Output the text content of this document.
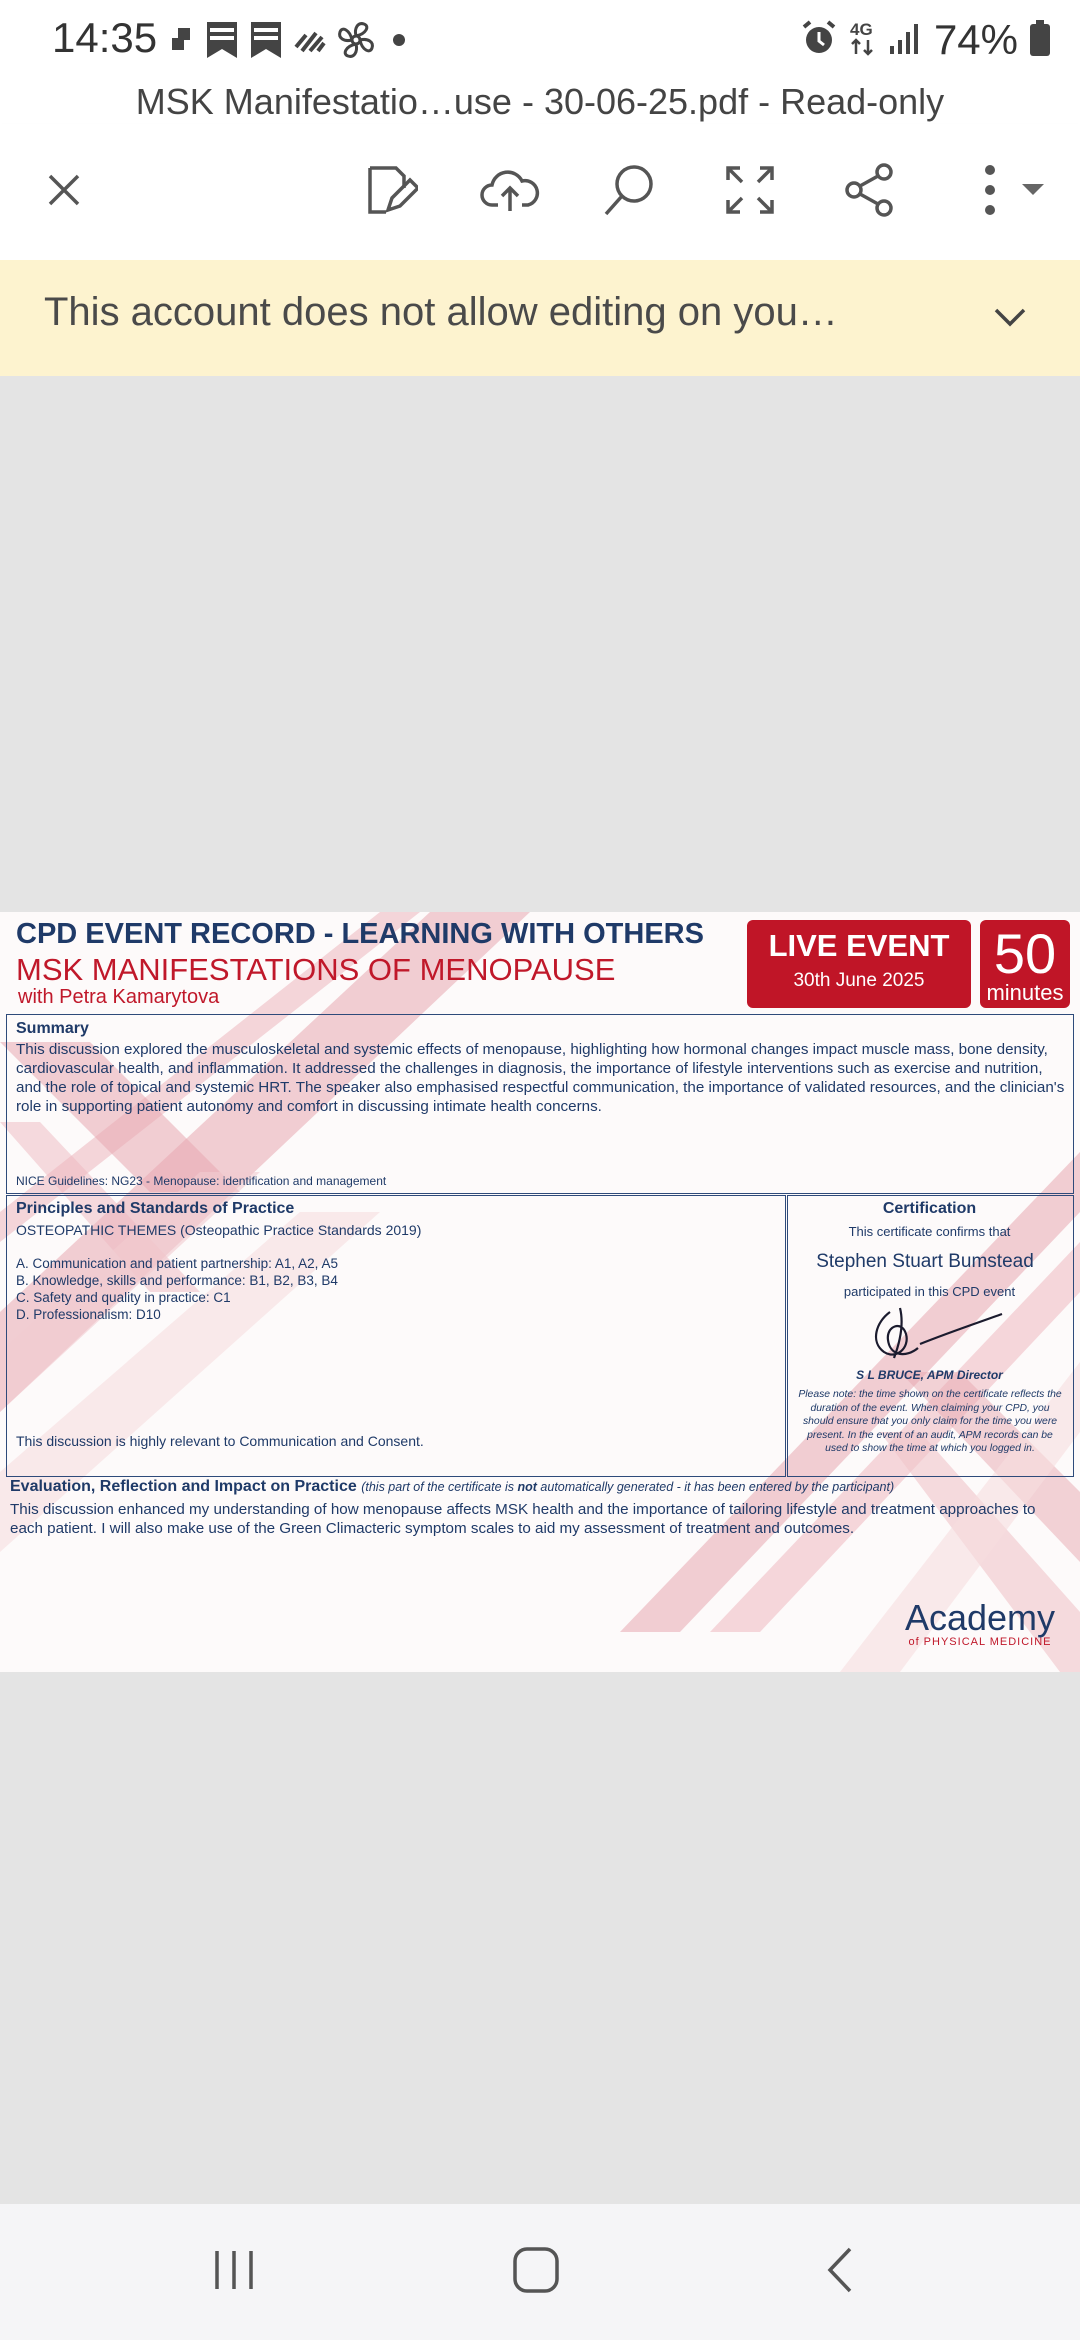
14:35	4G 74%
MSK Manifestatio…use - 30-06-25.pdf - Read-only
This account does not allow editing on you…
CPD EVENT RECORD - LEARNING WITH OTHERS
MSK MANIFESTATIONS OF MENOPAUSE
with Petra Kamarytova
LIVE EVENT
30th June 2025	50
minutes
Summary
This discussion explored the musculoskeletal and systemic effects of menopause, highlighting how hormonal changes impact muscle mass, bone density, cardiovascular health, and inflammation. It addressed the challenges in diagnosis, the importance of lifestyle interventions such as exercise and nutrition, and the role of topical and systemic HRT. The speaker also emphasised respectful communication, the importance of validated resources, and the clinician's role in supporting patient autonomy and comfort in discussing intimate health concerns.
NICE Guidelines: NG23 - Menopause: identification and management
Principles and Standards of Practice
OSTEOPATHIC THEMES (Osteopathic Practice Standards 2019)
A. Communication and patient partnership: A1, A2, A5
B. Knowledge, skills and performance: B1, B2, B3, B4
C. Safety and quality in practice: C1
D. Professionalism: D10
This discussion is highly relevant to Communication and Consent.
Certification
This certificate confirms that
Stephen Stuart Bumstead
participated in this CPD event
S L BRUCE, APM Director
Please note: the time shown on the certificate reflects the duration of the event. When claiming your CPD, you should ensure that you only claim for the time you were present. In the event of an audit, APM records can be used to show the time at which you logged in.
Evaluation, Reflection and Impact on Practice (this part of the certificate is not automatically generated - it has been entered by the participant)
This discussion enhanced my understanding of how menopause affects MSK health and the importance of tailoring lifestyle and treatment approaches to each patient. I will also make use of the Green Climacteric symptom scales to aid my assessment of treatment and outcomes.
Academy
of PHYSICAL MEDICINE
